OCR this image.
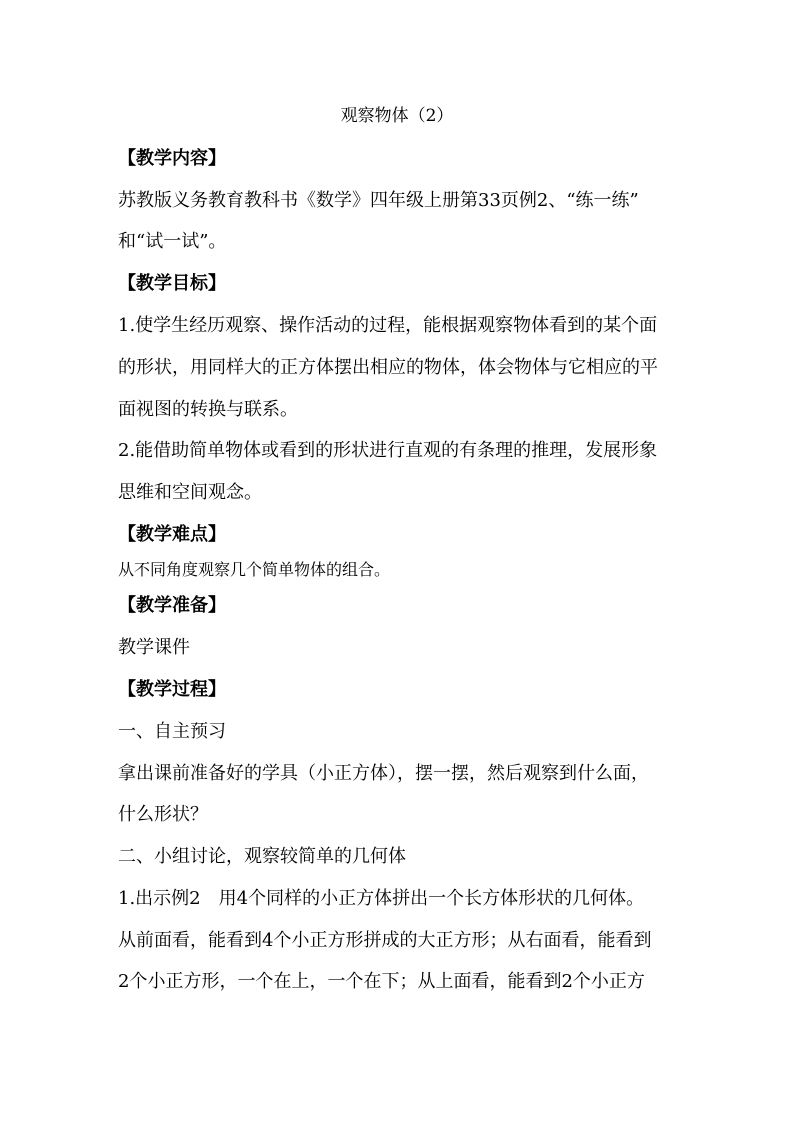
观察物体（2）
【教学内容】
苏教版义务教育教科书《数学》四年级上册第33页例2、“练一练”
和“试一试”。
【教学目标】
1.使学生经历观察、操作活动的过程，能根据观察物体看到的某个面
的形状，用同样大的正方体摆出相应的物体，体会物体与它相应的平
面视图的转换与联系。
2.能借助简单物体或看到的形状进行直观的有条理的推理，发展形象
思维和空间观念。
【教学难点】
从不同角度观察几个简单物体的组合。
【教学准备】
教学课件
【教学过程】
一、自主预习
拿出课前准备好的学具（小正方体），摆一摆，然后观察到什么面，
什么形状？
二、小组讨论，观察较简单的几何体
1.出示例2　用4个同样的小正方体拼出一个长方体形状的几何体。
从前面看，能看到4个小正方形拼成的大正方形；从右面看，能看到
2个小正方形，一个在上，一个在下；从上面看，能看到2个小正方
